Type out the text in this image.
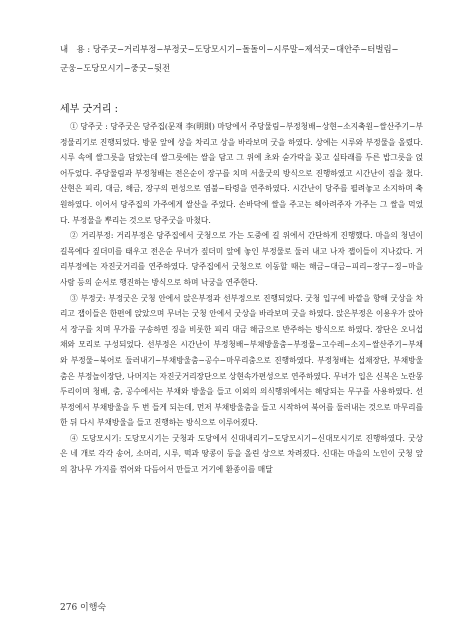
내　용 : 당주굿−거리부정−부정굿−도당모시기−돌돌이−시루말−제석굿−대안주−터벌림−
군웅−도당모시기−중굿−뒷전

세부 굿거리 :

① 당주굿 : 당주굿은 당주집(문재 李(明則) 마당에서 주당물림−부정청배−상현−소지축원−쌀산주기−부정물리기로 진행되었다. 방문 앞에 상을 차리고 상을 바라보며 굿을 하였다. 상에는 시루와 부정물을 올렸다. 시루 속에 쌀그릇을 담았는데 쌀그릇에는 쌀을 담고 그 위에 초와 숟가락을 꽂고 실타래를 두른 밥그릇을 얹어두었다. 주당물림과 부정청배는 전은순이 장구를 치며 서울굿의 방식으로 진행하였고 시간난이 짐을 쳤다. 산현은 피리, 대금, 해금, 장구의 편성으로 염불−타령을 연주하였다. 시간난이 당주를 펼려놓고 소지하며 축원하였다. 이어서 당주집의 가주에게 쌀산을 주었다. 손바닥에 쌀을 주고는 헤아려주자 가주는 그 쌀을 먹었다. 부정물을 뿌리는 것으로 당주굿을 마쳤다.

② 거리부정: 거리부정은 당주집에서 굿청으로 가는 도중에 길 위에서 간단하게 진행했다. 마을의 청년이 길목에다 짚더미를 태우고 전은순 무녀가 짚더미 앞에 놓인 부정물로 둘러 내고 나자 잽이들이 지나갔다. 거리부정에는 자진굿거리를 연주하였다. 당주집에서 굿청으로 이동할 때는 해금−대금−피리−장구−징−마을사람 등의 순서로 행진하는 방식으로 하며 낙궁을 연주한다.

③ 부정굿: 부정굿은 굿청 안에서 앉은부정과 선부정으로 진행되었다. 굿청 입구에 바깥을 향해 굿상을 차리고 잽이들은 한편에 앉았으며 무녀는 굿청 안에서 굿상을 바라보며 굿을 하였다. 앉은부정은 이용우가 앉아서 장구를 치며 무가를 구송하면 징을 비롯한 피리 대금 해금으로 반주하는 방식으로 하였다. 장단은 오니섭채와 모리로 구성되었다. 선부정은 시간난이 부정청배−부채방울춤−부정물−고수레−소지−쌀산주기−부채와 부정물−북어로 둘러내기−부채방울춤−공수−마무리춤으로 진행하였다. 부정청배는 섭채장단, 부채방울춤은 부정놀이장단, 나머지는 자진굿거리장단으로 상현속가편성으로 연주하였다. 무녀가 입은 신복은 노란몽두리이며 청배, 춤, 공수에서는 부채와 방울을 들고 이외의 의식행위에서는 해당되는 무구를 사용하였다. 선부정에서 부채방울을 두 번 들게 되는데, 먼저 부채방울춤을 들고 시작하여 북어를 둘러내는 것으로 마무리를 한 뒤 다시 부채방울을 들고 진행하는 방식으로 이루어졌다.

④ 도당모시기: 도당모시기는 굿청과 도당에서 신대내리기−도당모시기−신대모시기로 진행하였다. 굿상은 네 개로 각각 송어, 소머리, 시루, 떡과 땅콩이 등을 올린 상으로 차려졌다. 신대는 마을의 노인이 굿청 앞의 참나무 가지를 꺾어와 다듬어서 만들고 거기에 환종이를 매달

276 이행숙
